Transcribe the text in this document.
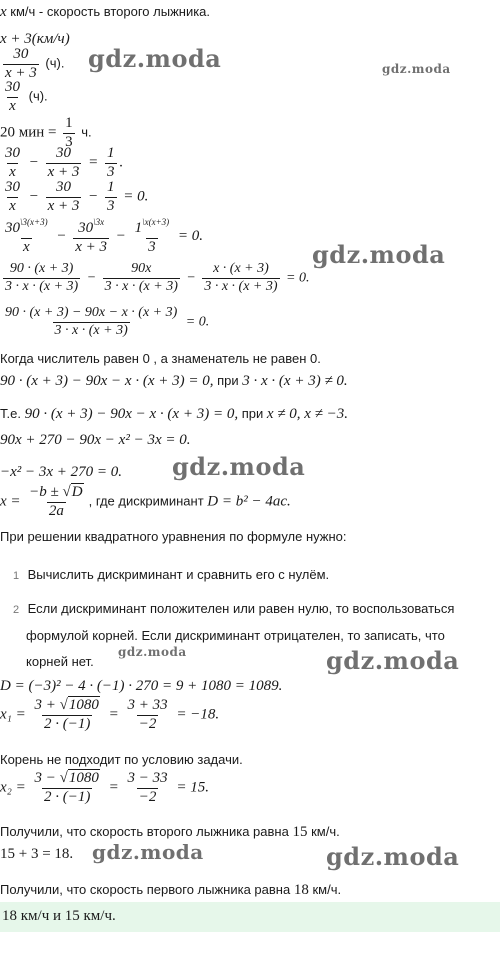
x км/ч - скорость второго лыжника.
x + 3(км/ч)
$\frac{30}{x + 3} (ч)$.
$\frac{30}{x} (ч)$.
20 мин = $\frac{1}{3} ч$.
$\frac{30}{x} - \frac{30}{x + 3} = \frac{1}{3}$ .
$\frac{30}{x} - \frac{30}{x + 3} - \frac{1}{3} = 0$.
$\frac{30^{\backslash 3(x+3)}}{x} - \frac{30^{\backslash 3x}}{x + 3} - \frac{1^{\backslash x(x+3)}}{3} = 0$.
$\frac{90 \cdot (x + 3)}{3 \cdot x \cdot (x + 3)} - \frac{90x}{3 \cdot x \cdot (x + 3)} - \frac{x \cdot (x + 3)}{3 \cdot x \cdot (x + 3)} = 0$.
$\frac{90 \cdot (x + 3) - 90x - x \cdot (x + 3)}{3 \cdot x \cdot (x + 3)} = 0$.
Когда числитель равен 0 , а знаменатель не равен 0.
90 · (x + 3) − 90x − x · (x + 3) = 0, при 3 · x · (x + 3) ≠ 0.
Т.е. 90 · (x + 3) − 90x − x · (x + 3) = 0, при x ≠ 0, x ≠ −3.
90x + 270 − 90x − x² − 3x = 0.
−x² − 3x + 270 = 0.
$x = \frac{-b \pm √D}{2a}$ , где дискриминант D = b² − 4ac.
При решении квадратного уравнения по формуле нужно:
1 Вычислить дискриминант и сравнить его с нулём.
2 Если дискриминант положителен или равен нулю, то воспользоваться
формулой корней. Если дискриминант отрицателен, то записать, что
корней нет.
D = (−3)² − 4 · (−1) · 270 = 9 + 1080 = 1089.
$x_1 = \frac{3 + √1080}{2 \cdot (-1)} = \frac{3 + 33}{-2} = -18$.
Корень не подходит по условию задачи.
$x_2 = \frac{3 - √1080}{2 \cdot (-1)} = \frac{3 - 33}{-2} = 15$.
Получили, что скорость второго лыжника равна 15 км/ч.
15 + 3 = 18.
Получили, что скорость первого лыжника равна 18 км/ч.
18 км/ч и 15 км/ч.
gdz.moda	gdz.moda
gdz.moda
gdz.moda
gdz.moda	gdz.moda
gdz.moda
gdz.moda
